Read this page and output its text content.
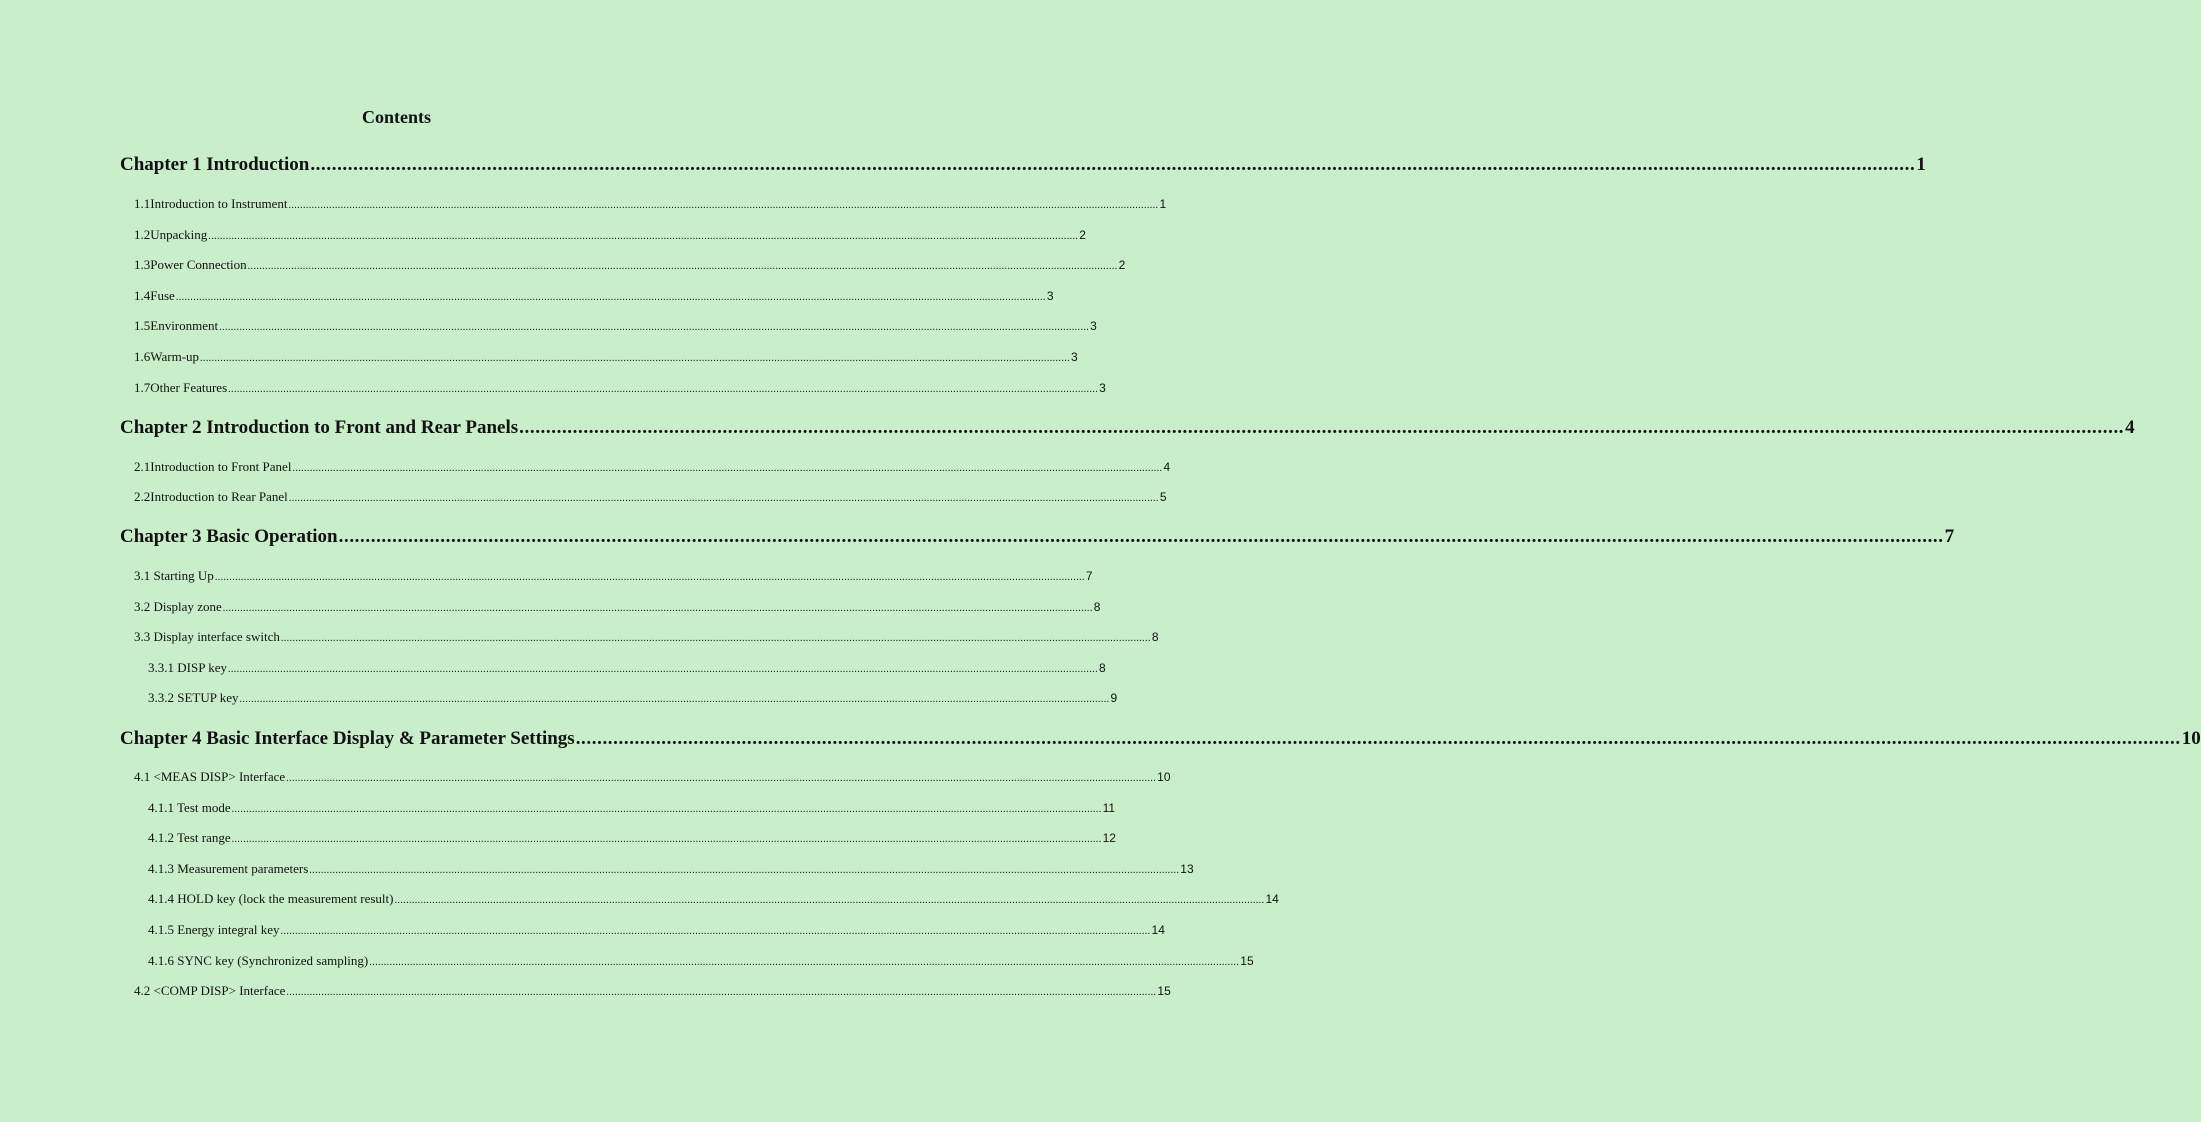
Contents
Chapter 1 Introduction ............................................................................................................................................................................................................................................................................................................ 1
1.1Introduction to Instrument ............................................................................................................................................................................................................................................................................................................ 1
1.2Unpacking ............................................................................................................................................................................................................................................................................................................ 2
1.3Power Connection ............................................................................................................................................................................................................................................................................................................ 2
1.4Fuse ............................................................................................................................................................................................................................................................................................................ 3
1.5Environment ............................................................................................................................................................................................................................................................................................................ 3
1.6Warm-up ............................................................................................................................................................................................................................................................................................................ 3
1.7Other Features ............................................................................................................................................................................................................................................................................................................ 3
Chapter 2 Introduction to Front and Rear Panels ............................................................................................................................................................................................................................................................................................................ 4
2.1Introduction to Front Panel ............................................................................................................................................................................................................................................................................................................ 4
2.2Introduction to Rear Panel ............................................................................................................................................................................................................................................................................................................ 5
Chapter 3 Basic Operation ............................................................................................................................................................................................................................................................................................................ 7
3.1 Starting Up ............................................................................................................................................................................................................................................................................................................ 7
3.2 Display zone ............................................................................................................................................................................................................................................................................................................ 8
3.3 Display interface switch ............................................................................................................................................................................................................................................................................................................ 8
3.3.1 DISP key ............................................................................................................................................................................................................................................................................................................ 8
3.3.2 SETUP key ............................................................................................................................................................................................................................................................................................................ 9
Chapter 4 Basic Interface Display & Parameter Settings ............................................................................................................................................................................................................................................................................................................ 10
4.1 <MEAS DISP> Interface ............................................................................................................................................................................................................................................................................................................ 10
4.1.1 Test mode ............................................................................................................................................................................................................................................................................................................ 11
4.1.2 Test range ............................................................................................................................................................................................................................................................................................................ 12
4.1.3 Measurement parameters ............................................................................................................................................................................................................................................................................................................ 13
4.1.4 HOLD key (lock the measurement result) ............................................................................................................................................................................................................................................................................................................ 14
4.1.5 Energy integral key ............................................................................................................................................................................................................................................................................................................ 14
4.1.6 SYNC key (Synchronized sampling) ............................................................................................................................................................................................................................................................................................................ 15
4.2 <COMP DISP> Interface ............................................................................................................................................................................................................................................................................................................ 15
